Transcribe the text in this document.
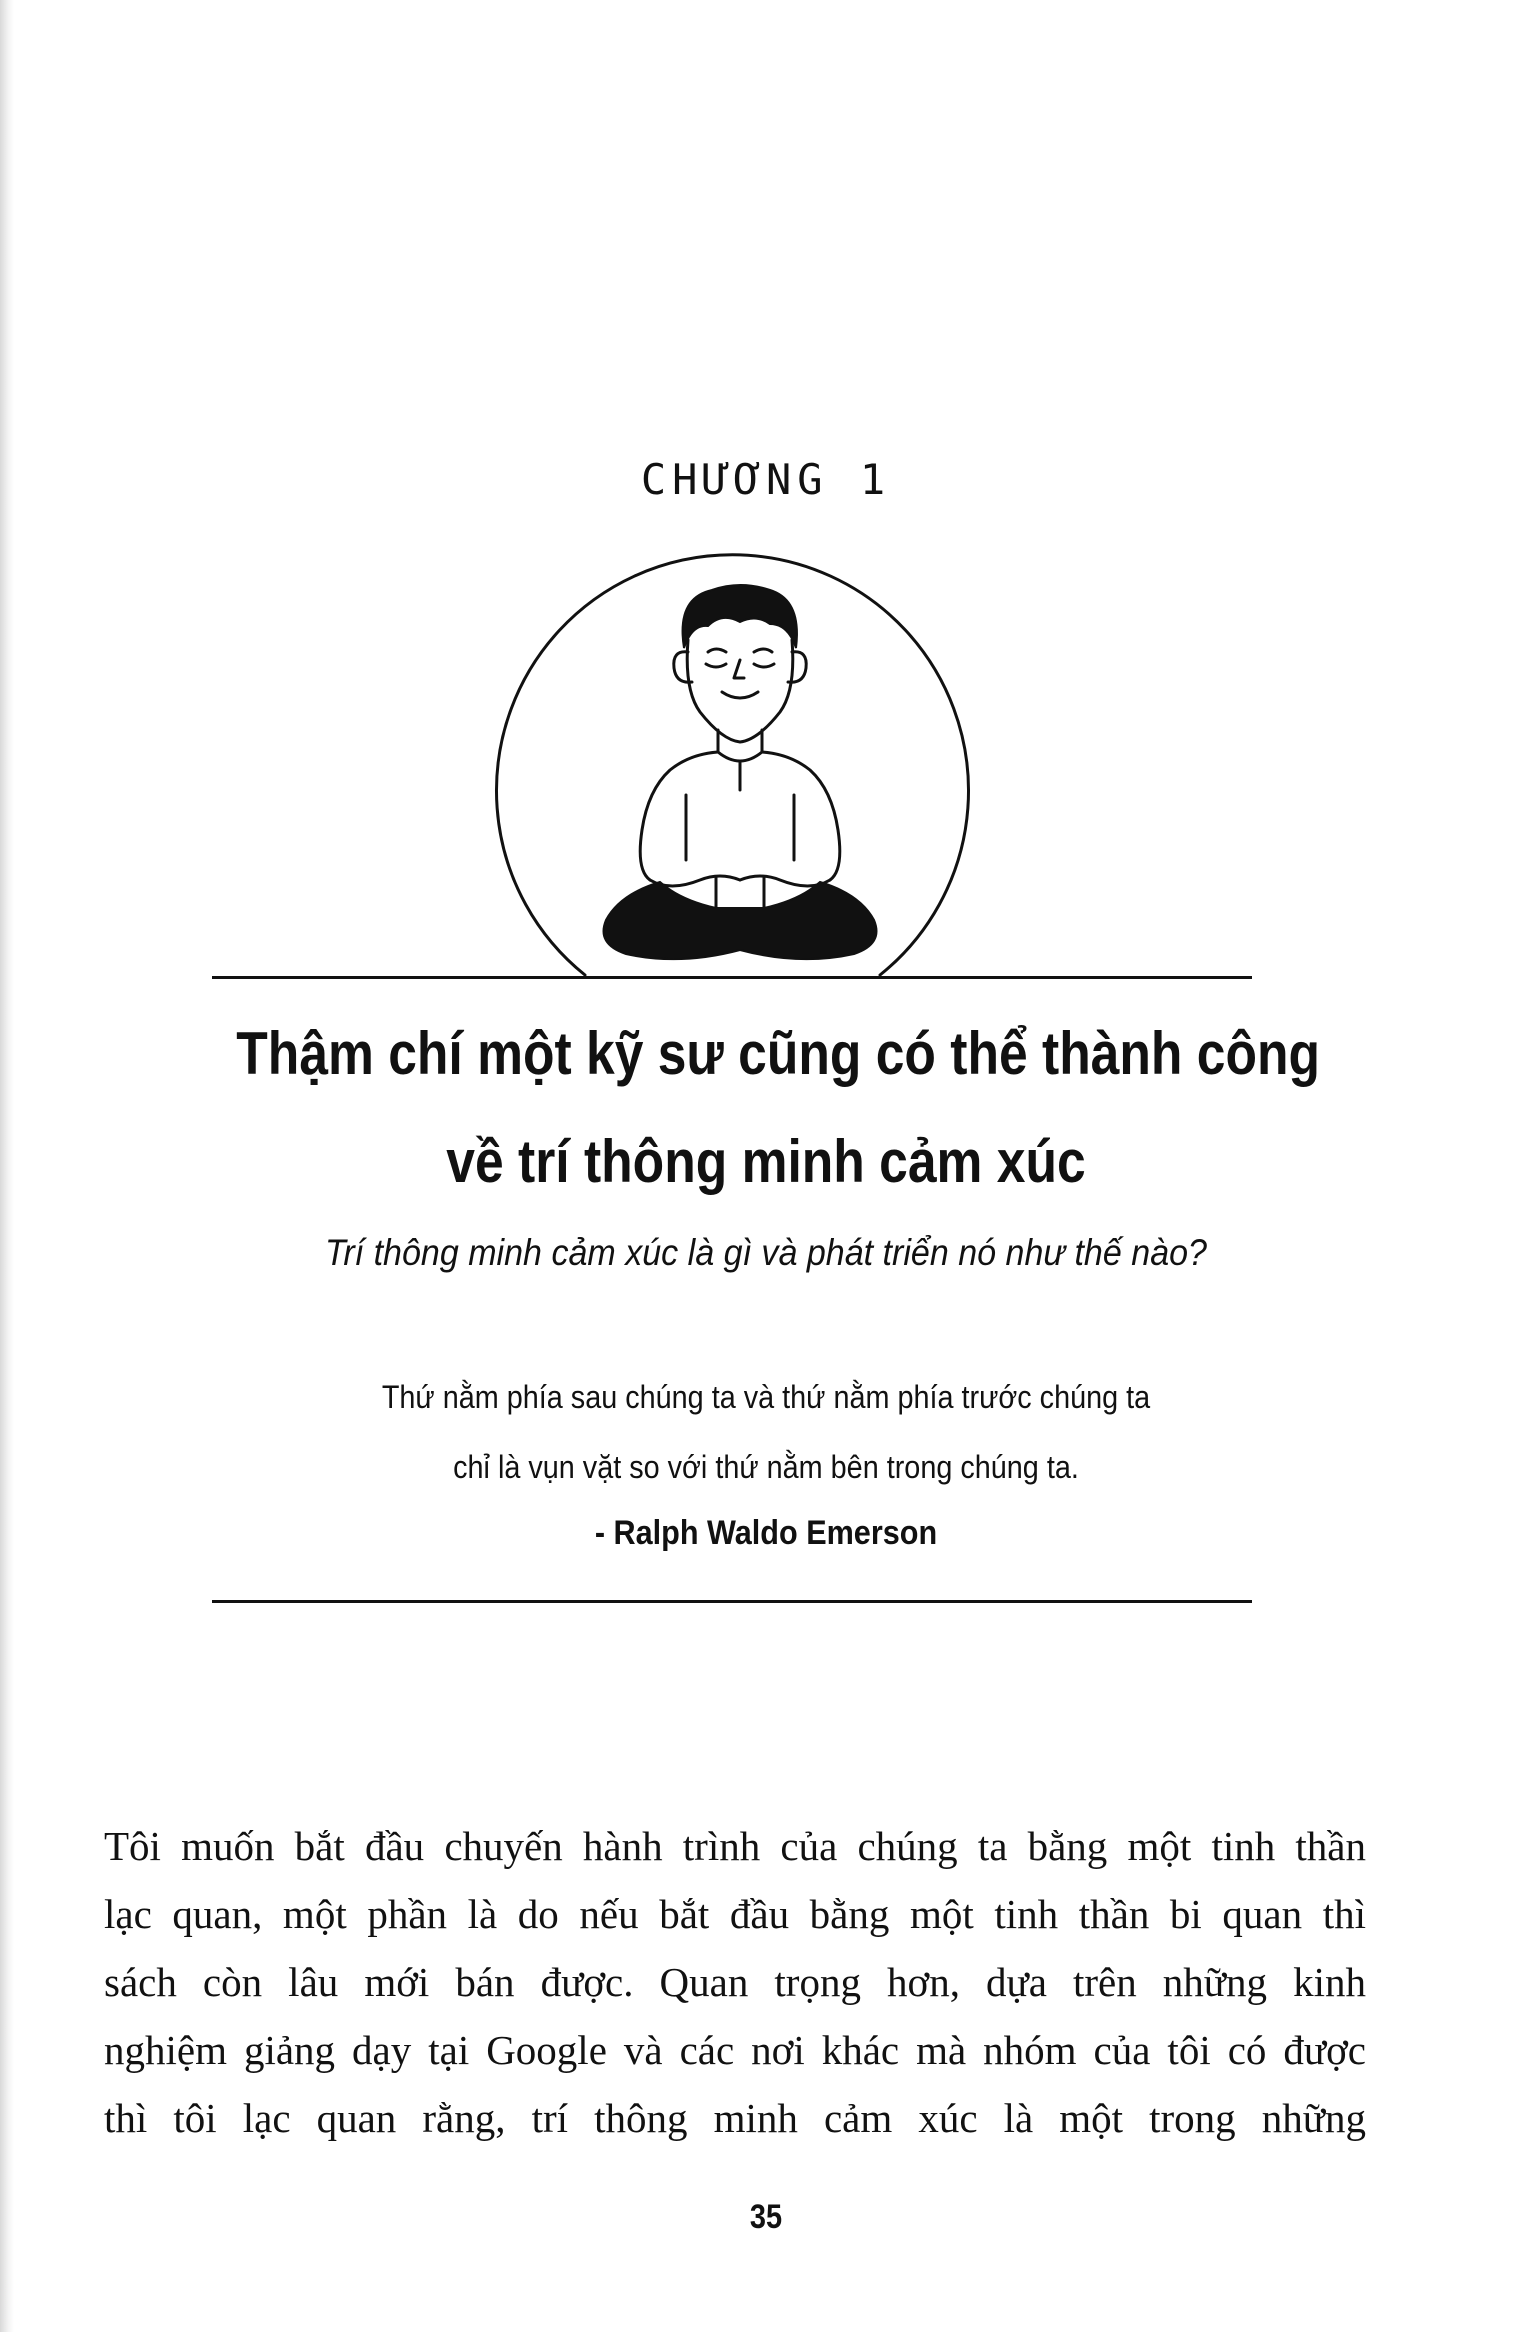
CHƯƠNG 1
Thậm chí một kỹ sư cũng có thể thành công
về trí thông minh cảm xúc
Trí thông minh cảm xúc là gì và phát triển nó như thế nào?
Thứ nằm phía sau chúng ta và thứ nằm phía trước chúng ta
chỉ là vụn vặt so với thứ nằm bên trong chúng ta.
- Ralph Waldo Emerson
Tôi muốn bắt đầu chuyến hành trình của chúng ta bằng một tinh thần
lạc quan, một phần là do nếu bắt đầu bằng một tinh thần bi quan thì
sách còn lâu mới bán được. Quan trọng hơn, dựa trên những kinh
nghiệm giảng dạy tại Google và các nơi khác mà nhóm của tôi có được
thì tôi lạc quan rằng, trí thông minh cảm xúc là một trong những
35
